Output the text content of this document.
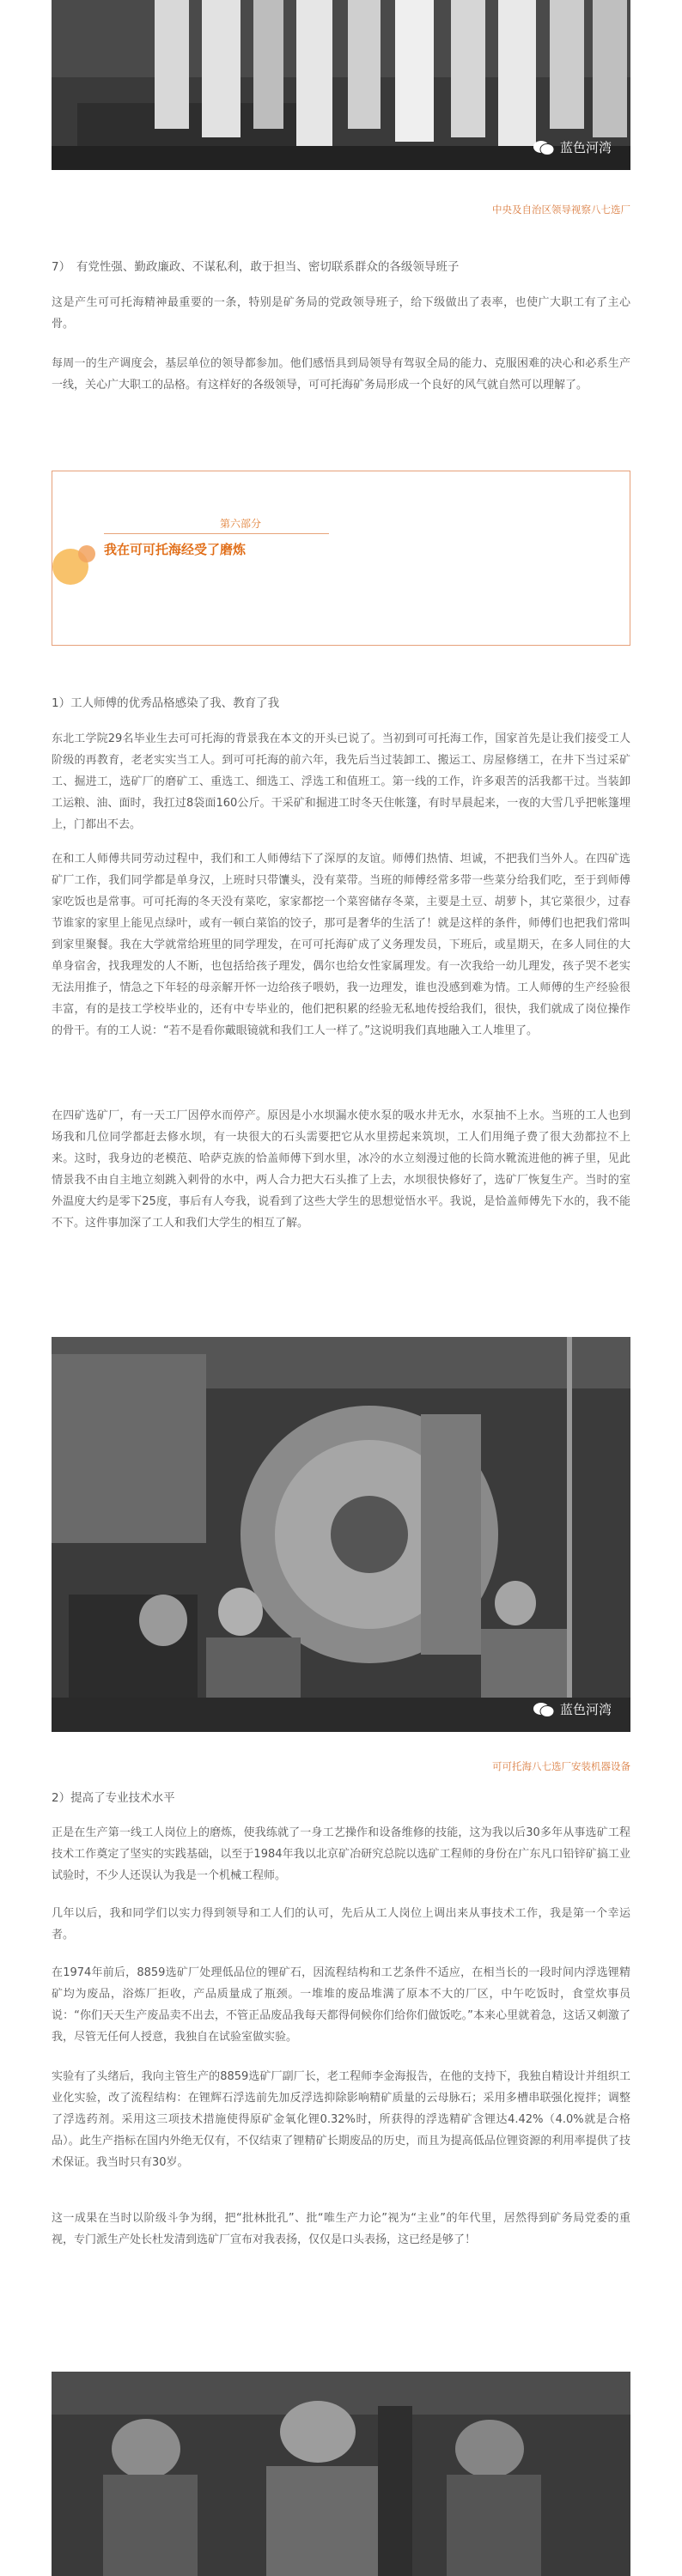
蓝色河湾
中央及自治区领导视察八七选厂
7）　有党性强、勤政廉政、不谋私利，敢于担当、密切联系群众的各级领导班子
这是产生可可托海精神最重要的一条，特别是矿务局的党政领导班子，给下级做出了表率，也使广大职工有了主心骨。
每周一的生产调度会，基层单位的领导都参加。他们感悟具到局领导有驾驭全局的能力、克服困难的决心和必系生产一线，关心广大职工的品格。有这样好的各级领导，可可托海矿务局形成一个良好的风气就自然可以理解了。
第六部分
我在可可托海经受了磨炼
1）工人师傅的优秀品格感染了我、教育了我
东北工学院29名毕业生去可可托海的背景我在本文的开头已说了。当初到可可托海工作，国家首先是让我们接受工人阶级的再教育，老老实实当工人。到可可托海的前六年，我先后当过装卸工、搬运工、房屋修缮工，在井下当过采矿工、掘进工，选矿厂的磨矿工、重选工、细选工、浮选工和值班工。第一线的工作，许多艰苦的活我都干过。当装卸工运粮、油、面时，我扛过8袋面160公斤。干采矿和掘进工时冬天住帐篷，有时早晨起来，一夜的大雪几乎把帐篷埋上，门都出不去。
在和工人师傅共同劳动过程中，我们和工人师傅结下了深厚的友谊。师傅们热情、坦诚，不把我们当外人。在四矿选矿厂工作，我们同学都是单身汉，上班时只带馕头，没有菜带。当班的师傅经常多带一些菜分给我们吃，至于到师傅家吃饭也是常事。可可托海的冬天没有菜吃，家家都挖一个菜窖储存冬菜，主要是土豆、胡萝卜，其它菜很少，过春节谁家的家里上能见点绿叶，或有一顿白菜馅的饺子，那可是奢华的生活了！就是这样的条件，师傅们也把我们常叫到家里聚餐。我在大学就常给班里的同学理发，在可可托海矿成了义务理发员，下班后，或星期天，在多人同住的大单身宿舍，找我理发的人不断，也包括给孩子理发，偶尔也给女性家属理发。有一次我给一幼儿理发，孩子哭不老实无法用推子，情急之下年轻的母亲解开怀一边给孩子喂奶，我一边理发，谁也没感到难为情。工人师傅的生产经验很丰富，有的是技工学校毕业的，还有中专毕业的，他们把积累的经验无私地传授给我们，很快，我们就成了岗位操作的骨干。有的工人说：“若不是看你戴眼镜就和我们工人一样了。”这说明我们真地融入工人堆里了。
在四矿选矿厂，有一天工厂因停水而停产。原因是小水坝漏水使水泵的吸水井无水，水泵抽不上水。当班的工人也到场我和几位同学都赶去修水坝，有一块很大的石头需要把它从水里捞起来筑坝，工人们用绳子费了很大劲都拉不上来。这时，我身边的老模范、哈萨克族的恰盖师傅下到水里，冰冷的水立刻漫过他的长筒水靴流进他的裤子里，见此情景我不由自主地立刻跳入剌骨的水中，两人合力把大石头推了上去，水坝很快修好了，选矿厂恢复生产。当时的室外温度大约是零下25度，事后有人夸我，说看到了这些大学生的思想觉悟水平。我说，是恰盖师傅先下水的，我不能不下。这件事加深了工人和我们大学生的相互了解。
蓝色河湾
可可托海八七选厂安装机器设备
2）提高了专业技术水平
正是在生产第一线工人岗位上的磨炼，使我练就了一身工艺操作和设备维修的技能，这为我以后30多年从事选矿工程技术工作奠定了坚实的实践基础，以至于1984年我以北京矿冶研究总院以选矿工程师的身份在广东凡口铅锌矿搞工业试验时，不少人还误认为我是一个机械工程师。
几年以后，我和同学们以实力得到领导和工人们的认可，先后从工人岗位上调出来从事技术工作，我是第一个幸运者。
在1974年前后，8859选矿厂处理低品位的锂矿石，因流程结构和工艺条件不适应，在相当长的一段时间内浮选锂精矿均为废品，浴炼厂拒收，产品质量成了瓶颈。一堆堆的废品堆满了原本不大的厂区，中午吃饭时，食堂炊事员说：“你们天天生产废品卖不出去，不管正品废品我每天都得伺候你们给你们做饭吃。”本来心里就着急，这话又刺激了我，尽管无任何人授意，我独自在试验室做实验。
实验有了头绪后，我向主管生产的8859选矿厂副厂长，老工程师李金海报告，在他的支持下，我独自精设计并组织工业化实验，改了流程结构：在锂辉石浮选前先加反浮选抑除影响精矿质量的云母脉石；采用多槽串联强化搅拌；调整了浮选药剂。采用这三项技术措施使得原矿金氧化锂0.32%时，所获得的浮选精矿含锂达4.42%（4.0%就是合格品）。此生产指标在国内外绝无仅有，不仅结束了锂精矿长期废品的历史，而且为提高低品位锂资源的利用率提供了技术保证。我当时只有30岁。
这一成果在当时以阶级斗争为纲，把“批林批孔”、批“唯生产力论”视为“主业”的年代里，居然得到矿务局党委的重视，专门派生产处长杜发清到选矿厂宣布对我表扬，仅仅是口头表扬，这已经是够了！
